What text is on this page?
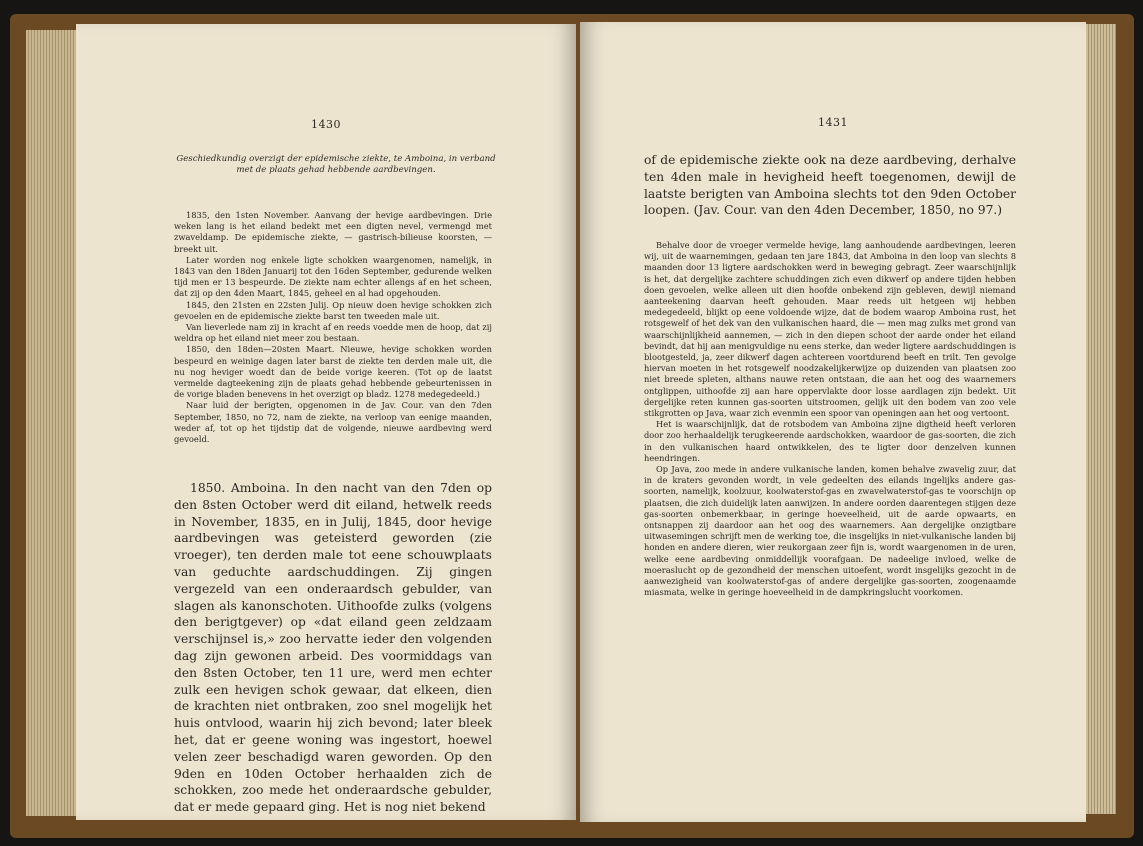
1430
Geschiedkundig overzigt der epidemische ziekte, te Amboina, in verband met de plaats gehad hebbende aardbevingen.

1835, den 1sten November. Aanvang der hevige aardbevingen. Drie weken lang is het eiland bedekt met een digten nevel, vermengd met zwaveldamp. De epidemische ziekte, — gastrisch-bilieuse koorsten, — breekt uit.

Later worden nog enkele ligte schokken waargenomen, namelijk, in 1843 van den 18den Januarij tot den 16den September, gedurende welken tijd men er 13 bespeurde. De ziekte nam echter allengs af en het scheen, dat zij op den 4den Maart, 1845, geheel en al had opgehouden.

1845, den 21sten en 22sten Julij. Op nieuw doen hevige schokken zich gevoelen en de epidemische ziekte barst ten tweeden male uit.

Van lieverlede nam zij in kracht af en reeds voedde men de hoop, dat zij weldra op het eiland niet meer zou bestaan.

1850, den 18den—20sten Maart. Nieuwe, hevige schokken worden bespeurd en weinige dagen later barst de ziekte ten derden male uit, die nu nog heviger woedt dan de beide vorige keeren. (Tot op de laatst vermelde dagteekening zijn de plaats gehad hebbende gebeurtenissen in de vorige bladen benevens in het overzigt op bladz. 1278 medegedeeld.)

Naar luid der berigten, opgenomen in de Jav. Cour. van den 7den September, 1850, no 72, nam de ziekte, na verloop van eenige maanden, weder af, tot op het tijdstip dat de volgende, nieuwe aardbeving werd gevoeld.

1850. Amboina. In den nacht van den 7den op den 8sten October werd dit eiland, hetwelk reeds in November, 1835, en in Julij, 1845, door hevige aardbevingen was geteisterd geworden (zie vroeger), ten derden male tot eene schouwplaats van geduchte aardschuddingen. Zij gingen vergezeld van een onderaardsch gebulder, van slagen als kanonschoten. Uithoofde zulks (volgens den berigtgever) op «dat eiland geen zeldzaam verschijnsel is,» zoo hervatte ieder den volgenden dag zijn gewonen arbeid. Des voormiddags van den 8sten October, ten 11 ure, werd men echter zulk een hevigen schok gewaar, dat elkeen, dien de krachten niet ontbraken, zoo snel mogelijk het huis ontvlood, waarin hij zich bevond; later bleek het, dat er geene woning was ingestort, hoewel velen zeer beschadigd waren geworden. Op den 9den en 10den October herhaalden zich de schokken, zoo mede het onderaardsche gebulder, dat er mede gepaard ging. Het is nog niet bekend

1431

of de epidemische ziekte ook na deze aardbeving, derhalve ten 4den male in hevigheid heeft toegenomen, dewijl de laatste berigten van Amboina slechts tot den 9den October loopen. (Jav. Cour. van den 4den December, 1850, no 97.)

Behalve door de vroeger vermelde hevige, lang aanhoudende aardbevingen, leeren wij, uit de waarnemingen, gedaan ten jare 1843, dat Amboina in den loop van slechts 8 maanden door 13 ligtere aardschokken werd in beweging gebragt. Zeer waarschijnlijk is het, dat dergelijke zachtere schuddingen zich even dikwerf op andere tijden hebben doen gevoelen, welke alleen uit dien hoofde onbekend zijn gebleven, dewijl niemand aanteekening daarvan heeft gehouden. Maar reeds uit hetgeen wij hebben medegedeeld, blijkt op eene voldoende wijze, dat de bodem waarop Amboina rust, het rotsgewelf of het dek van den vulkanischen haard, die — men mag zulks met grond van waarschijnlijkheid aannemen, — zich in den diepen schoot der aarde onder het eiland bevindt, dat hij aan menigvuldige nu eens sterke, dan weder ligtere aardschuddingen is blootgesteld, ja, zeer dikwerf dagen achtereen voortdurend beeft en trilt. Ten gevolge hiervan moeten in het rotsgewelf noodzakelijkerwijze op duizenden van plaatsen zoo niet breede spleten, althans nauwe reten ontstaan, die aan het oog des waarnemers ontglippen, uithoofde zij aan hare oppervlakte door losse aardlagen zijn bedekt. Uit dergelijke reten kunnen gas-soorten uitstroomen, gelijk uit den bodem van zoo vele stikgrotten op Java, waar zich evenmin een spoor van openingen aan het oog vertoont.

Het is waarschijnlijk, dat de rotsbodem van Amboina zijne digtheid heeft verloren door zoo herhaaldelijk terugkeerende aardschokken, waardoor de gas-soorten, die zich in den vulkanischen haard ontwikkelen, des te ligter door denzelven kunnen heendringen.

Op Java, zoo mede in andere vulkanische landen, komen behalve zwavelig zuur, dat in de kraters gevonden wordt, in vele gedeelten des eilands ingelijks andere gas-soorten, namelijk, koolzuur, koolwaterstof-gas en zwavelwaterstof-gas te voorschijn op plaatsen, die zich duidelijk laten aanwijzen. In andere oorden daarentegen stijgen deze gas-soorten onbemerkbaar, in geringe hoeveelheid, uit de aarde opwaarts, en ontsnappen zij daardoor aan het oog des waarnemers. Aan dergelijke onzigtbare uitwasemingen schrijft men de werking toe, die insgelijks in niet-vulkanische landen bij honden en andere dieren, wier reukorgaan zeer fijn is, wordt waargenomen in de uren, welke eene aardbeving onmiddellijk voorafgaan. De nadeelige invloed, welke de moeraslucht op de gezondheid der menschen uitoefent, wordt insgelijks gezocht in de aanwezigheid van koolwaterstof-gas of andere dergelijke gas-soorten, zoogenaamde miasmata, welke in geringe hoeveelheid in de dampkringslucht voorkomen.
